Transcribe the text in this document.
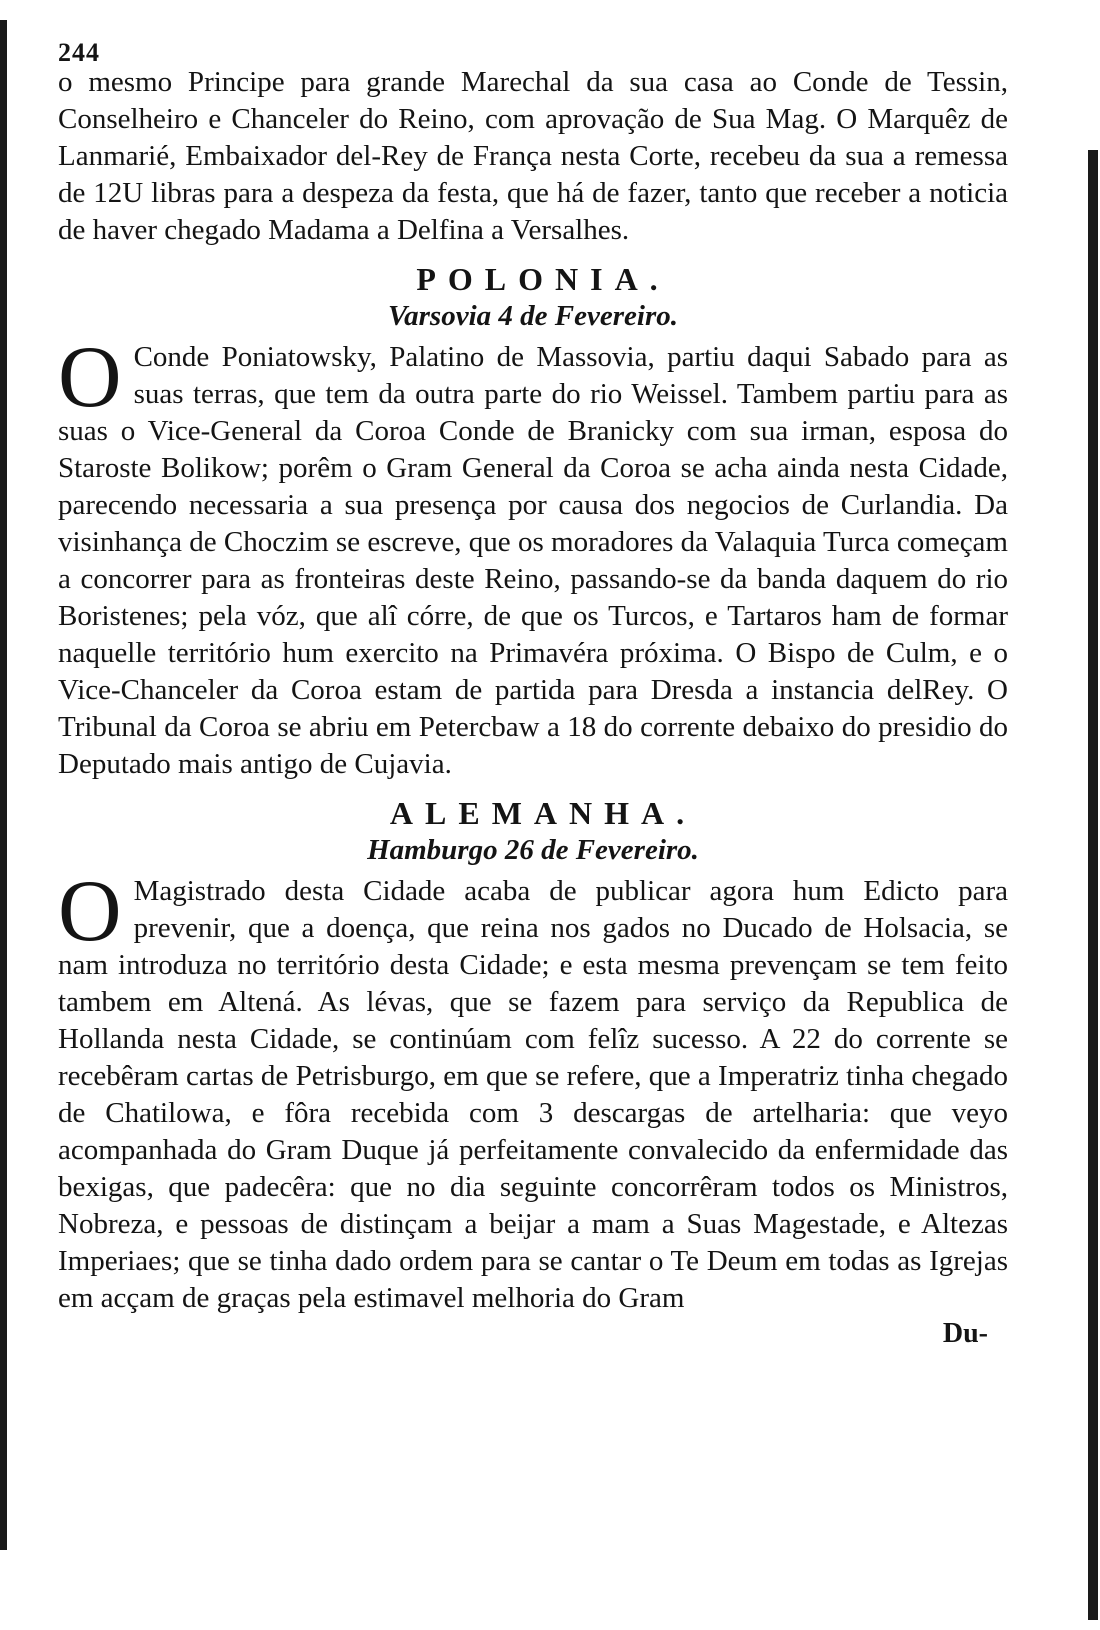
244

o mesmo Principe para grande Marechal da sua casa ao Conde de Tessin, Conselheiro e Chanceler do Reino, com aprovação de Sua Mag. O Marquêz de Lanmarié, Embaixador del-Rey de França nesta Corte, recebeu da sua a remessa de 12U libras para a despeza da festa, que há de fazer, tanto que receber a noticia de haver chegado Madama a Delfina a Versalhes.

POLONIA.
Varsovia 4 de Fevereiro.

O Conde Poniatowsky, Palatino de Massovia, partiu daqui Sabado para as suas terras, que tem da outra parte do rio Weissel. Tambem partiu para as suas o Vice-General da Coroa Conde de Branicky com sua irman, esposa do Staroste Bolikow; porêm o Gram General da Coroa se acha ainda nesta Cidade, parecendo necessaria a sua presença por causa dos negocios de Curlandia. Da visinhança de Choczim se escreve, que os moradores da Valaquia Turca começam a concorrer para as fronteiras deste Reino, passando-se da banda daquem do rio Boristenes; pela vóz, que alî córre, de que os Turcos, e Tartaros ham de formar naquelle território hum exercito na Primavéra próxima. O Bispo de Culm, e o Vice-Chanceler da Coroa estam de partida para Dresda a instancia delRey. O Tribunal da Coroa se abriu em Petercbaw a 18 do corrente debaixo do presidio do Deputado mais antigo de Cujavia.

ALEMANHA.
Hamburgo 26 de Fevereiro.

O Magistrado desta Cidade acaba de publicar agora hum Edicto para prevenir, que a doença, que reina nos gados no Ducado de Holsacia, se nam introduza no território desta Cidade; e esta mesma prevençam se tem feito tambem em Altená. As lévas, que se fazem para serviço da Republica de Hollanda nesta Cidade, se continúam com felîz sucesso. A 22 do corrente se recebêram cartas de Petrisburgo, em que se refere, que a Imperatriz tinha chegado de Chatilowa, e fôra recebida com 3 descargas de artelharia: que veyo acompanhada do Gram Duque já perfeitamente convalecido da enfermidade das bexigas, que padecêra: que no dia seguinte concorrêram todos os Ministros, Nobreza, e pessoas de distinçam a beijar a mam a Suas Magestade, e Altezas Imperiaes; que se tinha dado ordem para se cantar o Te Deum em todas as Igrejas em acçam de graças pela estimavel melhoria do Gram

Du-
